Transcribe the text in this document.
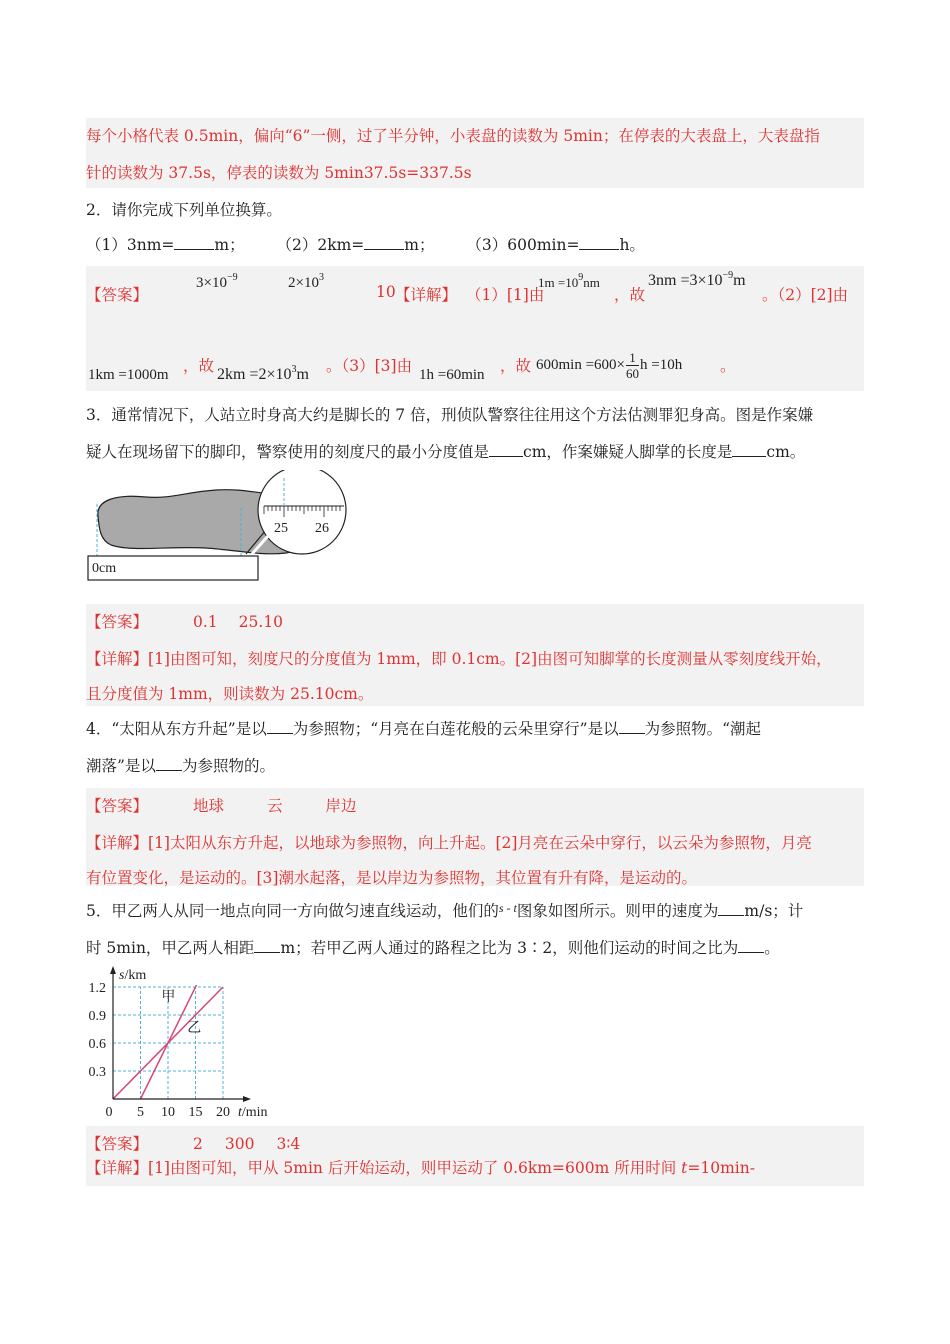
每个小格代表 0.5min，偏向“6”一侧，过了半分钟，小表盘的读数为 5min；在停表的大表盘上，大表盘指
针的读数为 37.5s，停表的读数为 5min37.5s=337.5s
2．请你完成下列单位换算。
（1）3nm=	m； （2）2km=	m； （3）600min=	h。
【答案】
$3\times 10^{-9}$	$2\times 10^3$
10 【详解】 （1）[1]由
$1m =10^9nm$
，故
$3nm =3\times 10^{-9}m$
。（2）[2]由
1km =1000m ，故 $2km =2\times 10^3m$ 。（3）[3]由 1h =60min ，故 $600\min =600\times \frac{1}{60}$ h =10h 。
3．通常情况下，人站立时身高大约是脚长的 7 倍，刑侦队警察往往用这个方法估测罪犯身高。图是作案嫌
疑人在现场留下的脚印，警察使用的刻度尺的最小分度值是 cm，作案嫌疑人脚掌的长度是 cm。
0cm
25 26
【答案】	0.1 25.10
【详解】[1]由图可知，刻度尺的分度值为 1mm，即 0.1cm。[2]由图可知脚掌的长度测量从零刻度线开始，
且分度值为 1mm，则读数为 25.10cm。
4．“太阳从东方升起”是以 为参照物；“月亮在白莲花般的云朵里穿行”是以 为参照物。“潮起
潮落”是以 为参照物的。
【答案】	地球	云	岸边
【详解】[1]太阳从东方升起，以地球为参照物，向上升起。[2]月亮在云朵中穿行，以云朵为参照物，月亮
有位置变化，是运动的。[3]潮水起落，是以岸边为参照物，其位置有升有降，是运动的。
5．甲乙两人从同一地点向同一方向做匀速直线运动，他们的$^{s - t}$图象如图所示。则甲的速度为 m/s；计
时 5min，甲乙两人相距 m；若甲乙两人通过的路程之比为 3∶2，则他们运动的时间之比为 。
甲
乙
0.3
0.6
0.9
1.2
0 5 10 15 20
s/km
t/min
【答案】	2 300 3∶4
【详解】[1]由图可知，甲从 5min 后开始运动，则甲运动了 0.6km=600m 所用时间 t=10min-
